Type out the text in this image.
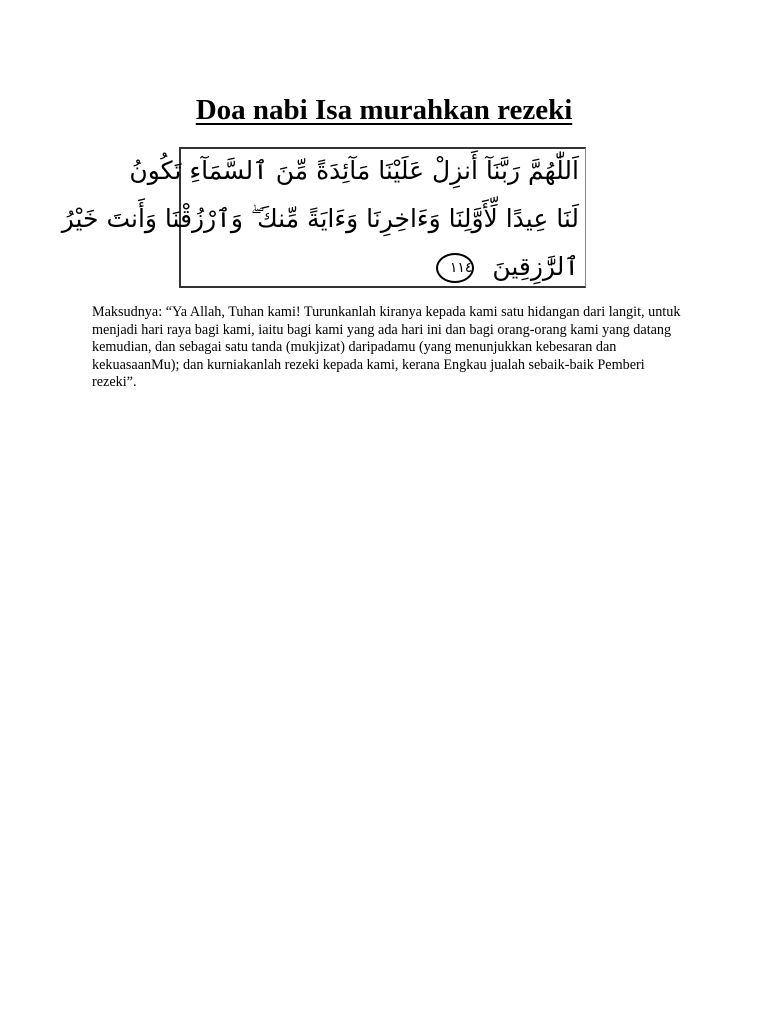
Doa nabi Isa murahkan rezeki
اَللّٰهُمَّ رَبَّنَآ أَنزِلْ عَلَيْنَا مَآئِدَةً مِّنَ ٱلسَّمَآءِ تَكُونُ
لَنَا عِيدًا لِّأَوَّلِنَا وَءَاخِرِنَا وَءَايَةً مِّنكَ ۖ وَٱرْزُقْنَا وَأَنتَ خَيْرُ
ٱلرَّٰزِقِينَ ١١٤

Maksudnya: “Ya Allah, Tuhan kami! Turunkanlah kiranya kepada kami satu hidangan dari langit, untuk menjadi hari raya bagi kami, iaitu bagi kami yang ada hari ini dan bagi orang-orang kami yang datang kemudian, dan sebagai satu tanda (mukjizat) daripadamu (yang menunjukkan kebesaran dan kekuasaanMu); dan kurniakanlah rezeki kepada kami, kerana Engkau jualah sebaik-baik Pemberi rezeki”.
